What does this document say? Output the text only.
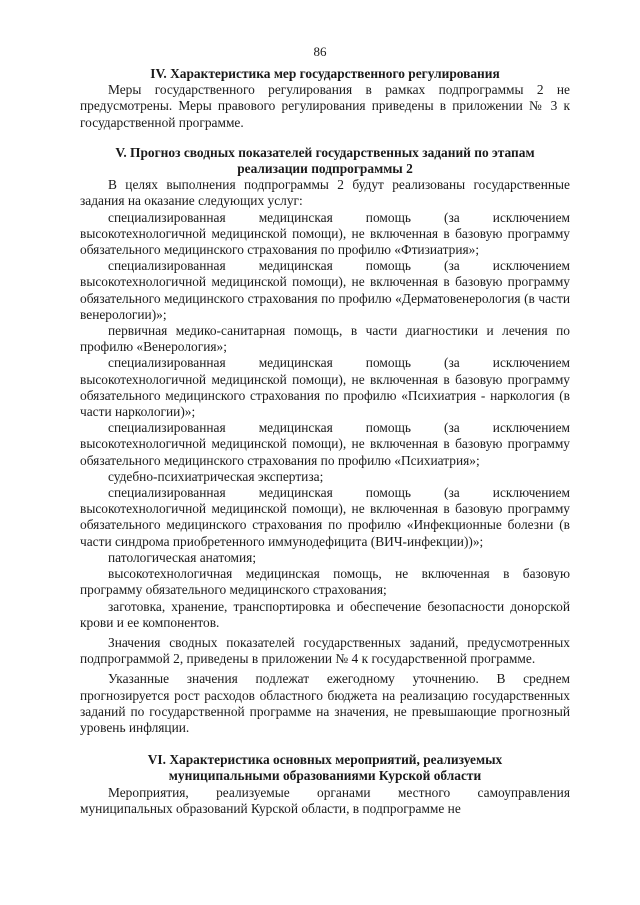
86
IV. Характеристика мер государственного регулирования

Меры государственного регулирования в рамках подпрограммы 2 не предусмотрены. Меры правового регулирования приведены в приложении № 3 к государственной программе.

V. Прогноз сводных показателей государственных заданий по этапам
реализации подпрограммы 2

В целях выполнения подпрограммы 2 будут реализованы государственные задания на оказание следующих услуг:

специализированная медицинская помощь (за исключением высокотехнологичной медицинской помощи), не включенная в базовую программу обязательного медицинского страхования по профилю «Фтизиатрия»;

специализированная медицинская помощь (за исключением высокотехнологичной медицинской помощи), не включенная в базовую программу обязательного медицинского страхования по профилю «Дерматовенерология (в части венерологии)»;

первичная медико-санитарная помощь, в части диагностики и лечения по профилю «Венерология»;

специализированная медицинская помощь (за исключением высокотехнологичной медицинской помощи), не включенная в базовую программу обязательного медицинского страхования по профилю «Психиатрия - наркология (в части наркологии)»;

специализированная медицинская помощь (за исключением высокотехнологичной медицинской помощи), не включенная в базовую программу обязательного медицинского страхования по профилю «Психиатрия»;

судебно-психиатрическая экспертиза;

специализированная медицинская помощь (за исключением высокотехнологичной медицинской помощи), не включенная в базовую программу обязательного медицинского страхования по профилю «Инфекционные болезни (в части синдрома приобретенного иммунодефицита (ВИЧ-инфекции))»;

патологическая анатомия;

высокотехнологичная медицинская помощь, не включенная в базовую программу обязательного медицинского страхования;

заготовка, хранение, транспортировка и обеспечение безопасности донорской крови и ее компонентов.

Значения сводных показателей государственных заданий, предусмотренных подпрограммой 2, приведены в приложении № 4 к государственной программе.

Указанные значения подлежат ежегодному уточнению. В среднем прогнозируется рост расходов областного бюджета на реализацию государственных заданий по государственной программе на значения, не превышающие прогнозный уровень инфляции.

VI. Характеристика основных мероприятий, реализуемых
муниципальными образованиями Курской области

Мероприятия, реализуемые органами местного самоуправления муниципальных образований Курской области, в подпрограмме не
